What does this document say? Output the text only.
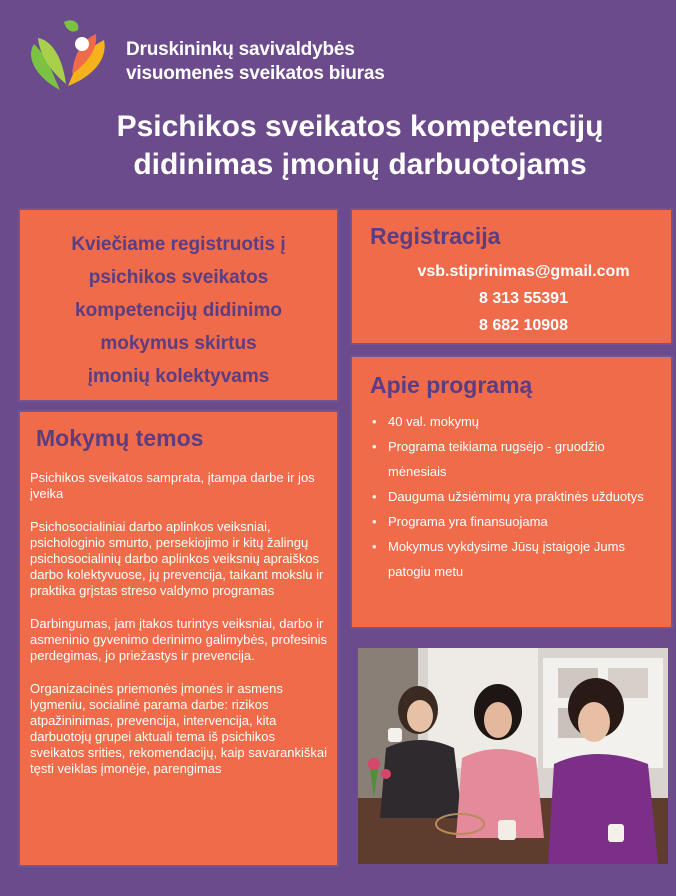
Druskininkų savivaldybės
visuomenės sveikatos biuras
Psichikos sveikatos kompetencijų
didinimas įmonių darbuotojams
Kviečiame registruotis į
psichikos sveikatos
kompetencijų didinimo
mokymus skirtus
įmonių kolektyvams
Registracija
vsb.stiprinimas@gmail.com
8 313 55391
8 682 10908
Apie programą
• 40 val. mokymų
• Programa teikiama rugsėjo - gruodžio mėnesiais
• Dauguma užsiėmimų yra praktinės užduotys
• Programa yra finansuojama
• Mokymus vykdysime Jūsų įstaigoje Jums patogiu metu
Mokymų temos

Psichikos sveikatos samprata, įtampa darbe ir jos įveika

Psichosocialiniai darbo aplinkos veiksniai, psichologinio smurto, persekiojimo ir kitų žalingų psichosocialinių darbo aplinkos veiksnių apraiškos darbo kolektyvuose, jų prevencija, taikant mokslu ir praktika grįstas streso valdymo programas

Darbingumas, jam įtakos turintys veiksniai, darbo ir asmeninio gyvenimo derinimo galimybės, profesinis perdegimas, jo priežastys ir prevencija.

Organizacinės priemonės įmonės ir asmens lygmeniu, socialinė parama darbe: rizikos atpažininimas, prevencija, intervencija, kita darbuotojų grupei aktuali tema iš psichikos sveikatos srities, rekomendacijų, kaip savarankiškai tęsti veiklas įmonėje, parengimas
